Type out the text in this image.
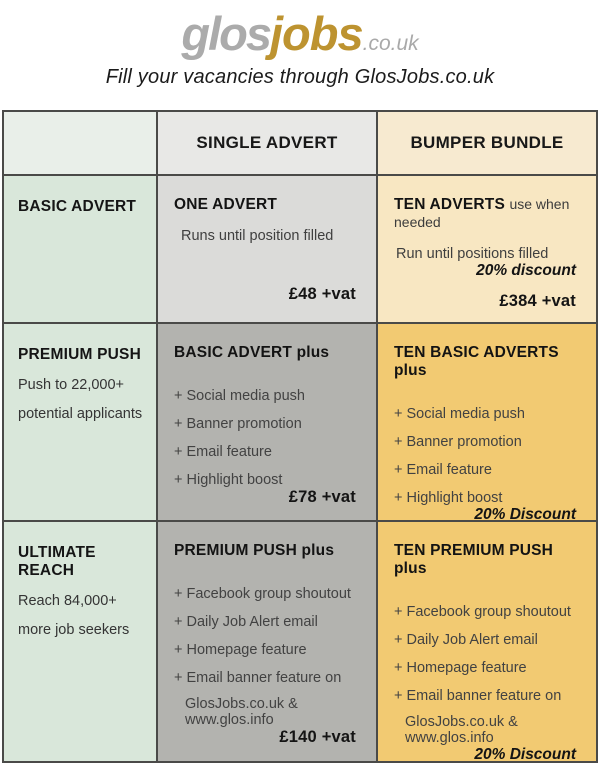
glosjobs.co.uk
Fill your vacancies through GlosJobs.co.uk
SINGLE ADVERT	BUMPER BUNDLE
BASIC ADVERT	ONE ADVERT
Runs until position filled
£48 +vat
TEN ADVERTS use when needed
Run until positions filled
20% discount
£384 +vat
PREMIUM PUSH
Push to 22,000+
potential applicants
BASIC ADVERT plus
+ Social media push
+ Banner promotion
+ Email feature
+ Highlight boost
£78 +vat
TEN BASIC ADVERTS plus
+ Social media push
+ Banner promotion
+ Email feature
+ Highlight boost
20% Discount
ULTIMATE REACH
Reach 84,000+
more job seekers
PREMIUM PUSH plus
+ Facebook group shoutout
+ Daily Job Alert email
+ Homepage feature
+ Email banner feature on
GlosJobs.co.uk & www.glos.info
£140 +vat
TEN PREMIUM PUSH plus
+ Facebook group shoutout
+ Daily Job Alert email
+ Homepage feature
+ Email banner feature on
GlosJobs.co.uk & www.glos.info
20% Discount
